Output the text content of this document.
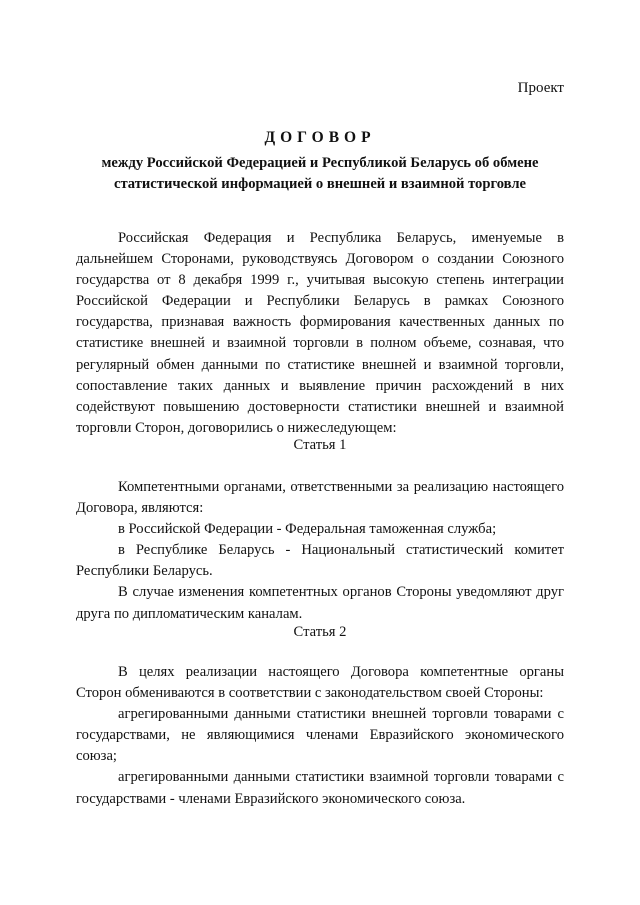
Проект
ДОГОВОР
между Российской Федерацией и Республикой Беларусь об обмене
статистической информацией о внешней и взаимной торговле

Российская Федерация и Республика Беларусь, именуемые в дальнейшем Сторонами, руководствуясь Договором о создании Союзного государства от 8 декабря 1999 г., учитывая высокую степень интеграции Российской Федерации и Республики Беларусь в рамках Союзного государства, признавая важность формирования качественных данных по статистике внешней и взаимной торговли в полном объеме, сознавая, что регулярный обмен данными по статистике внешней и взаимной торговли, сопоставление таких данных и выявление причин расхождений в них содействуют повышению достоверности статистики внешней и взаимной торговли Сторон, договорились о нижеследующем:

Статья 1

Компетентными органами, ответственными за реализацию настоящего Договора, являются:

в Российской Федерации - Федеральная таможенная служба;

в Республике Беларусь - Национальный статистический комитет Республики Беларусь.

В случае изменения компетентных органов Стороны уведомляют друг друга по дипломатическим каналам.

Статья 2

В целях реализации настоящего Договора компетентные органы Сторон обмениваются в соответствии с законодательством своей Стороны:

агрегированными данными статистики внешней торговли товарами с государствами, не являющимися членами Евразийского экономического союза;

агрегированными данными статистики взаимной торговли товарами с государствами - членами Евразийского экономического союза.
